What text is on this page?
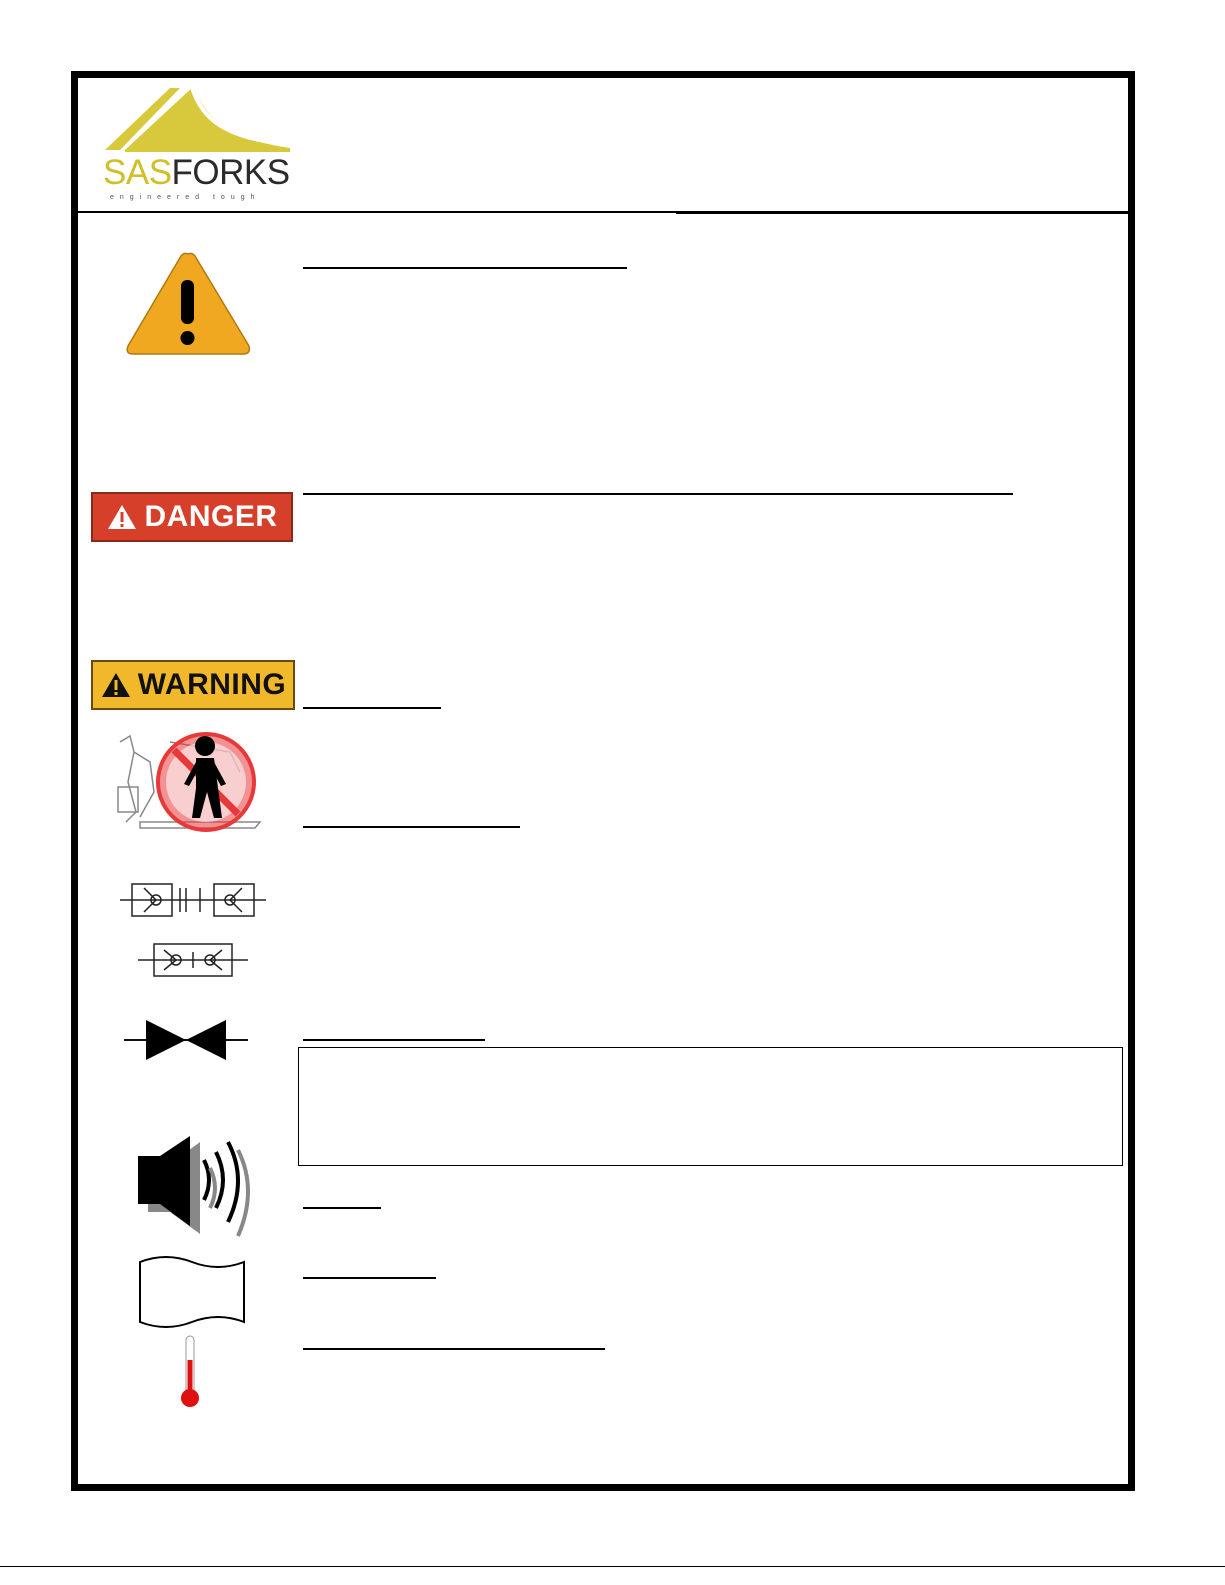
SASFORKS
engineered tough
DANGER
WARNING
